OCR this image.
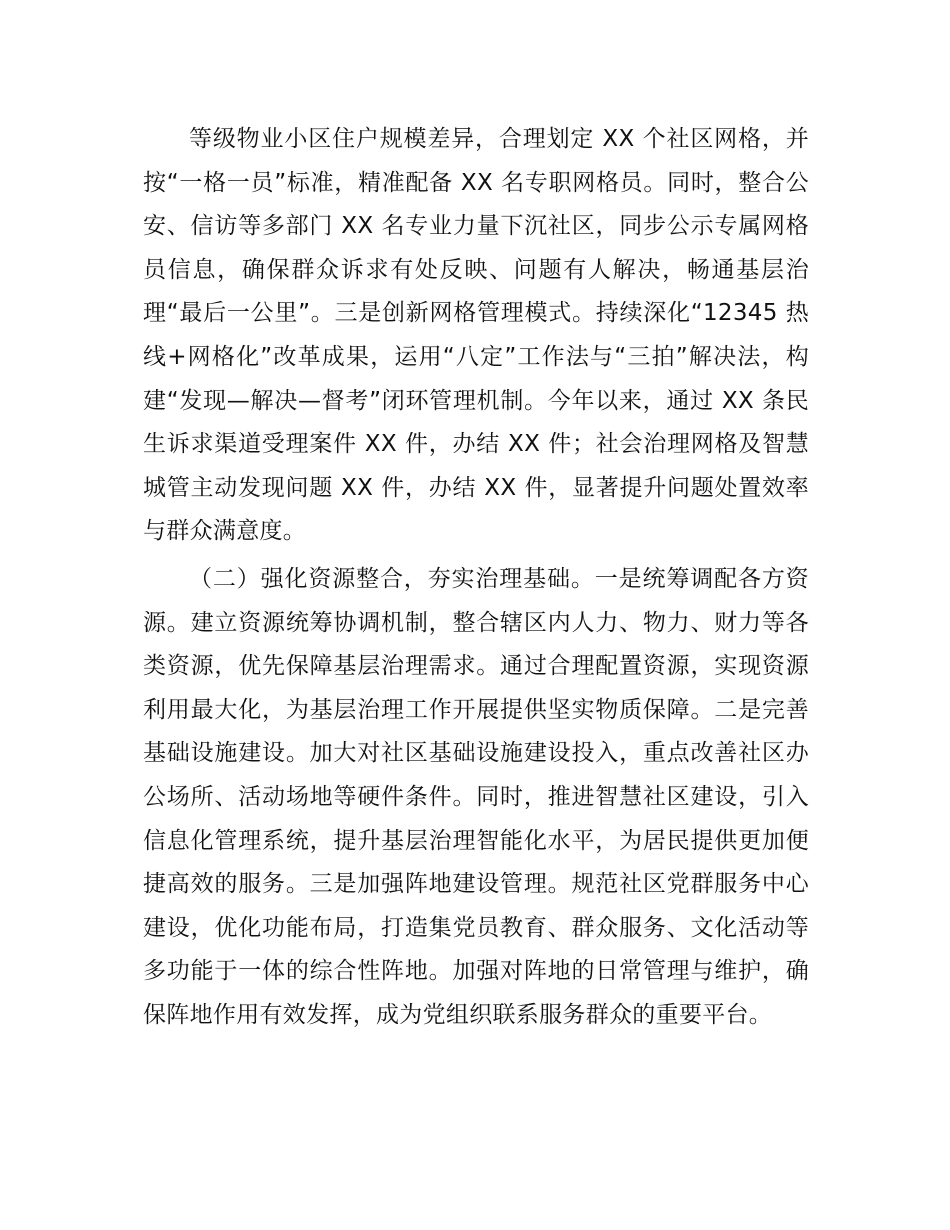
等级物业小区住户规模差异，合理划定 XX 个社区网格，并按“一格一员”标准，精准配备 XX 名专职网格员。同时，整合公安、信访等多部门 XX 名专业力量下沉社区，同步公示专属网格员信息，确保群众诉求有处反映、问题有人解决，畅通基层治理“最后一公里”。三是创新网格管理模式。持续深化“12345 热线+网格化”改革成果，运用“八定”工作法与“三拍”解决法，构建“发现—解决—督考”闭环管理机制。今年以来，通过 XX 条民生诉求渠道受理案件 XX 件，办结 XX 件；社会治理网格及智慧城管主动发现问题 XX 件，办结 XX 件，显著提升问题处置效率与群众满意度。

（二）强化资源整合，夯实治理基础。一是统筹调配各方资源。建立资源统筹协调机制，整合辖区内人力、物力、财力等各类资源，优先保障基层治理需求。通过合理配置资源，实现资源利用最大化，为基层治理工作开展提供坚实物质保障。二是完善基础设施建设。加大对社区基础设施建设投入，重点改善社区办公场所、活动场地等硬件条件。同时，推进智慧社区建设，引入信息化管理系统，提升基层治理智能化水平，为居民提供更加便捷高效的服务。三是加强阵地建设管理。规范社区党群服务中心建设，优化功能布局，打造集党员教育、群众服务、文化活动等多功能于一体的综合性阵地。加强对阵地的日常管理与维护，确保阵地作用有效发挥，成为党组织联系服务群众的重要平台。
